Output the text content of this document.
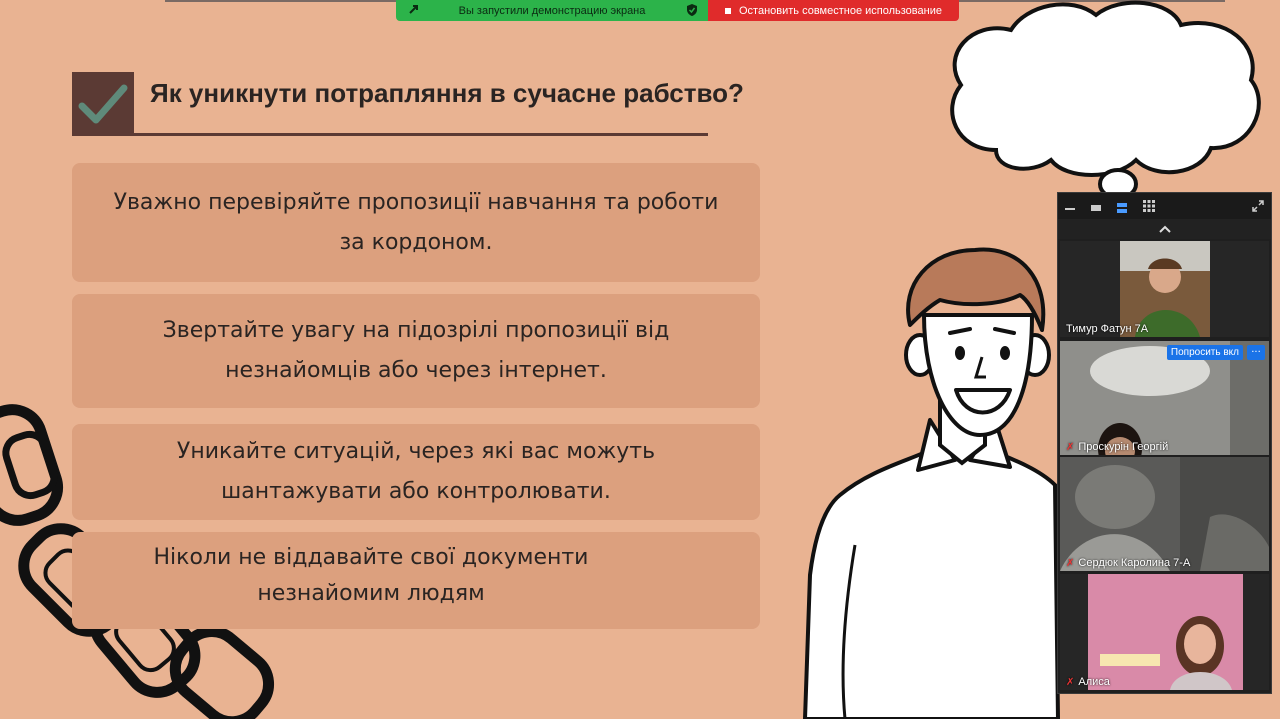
Вы запустили демонстрацию экрана	Остановить совместное использование
Як уникнути потрапляння в сучасне рабство?
Уважно перевіряйте пропозиції навчання та роботи
за кордоном.
Звертайте увагу на підозрілі пропозиції від
незнайомців або через інтернет.
Уникайте ситуацій, через які вас можуть
шантажувати або контролювати.
Ніколи не віддавайте свої документи
незнайомим людям
Тимур Фатун 7А
Попросить вкл	···
✗ Проскурін Георгій
✗ Сердюк Каролина 7-А
✗ Алиса
